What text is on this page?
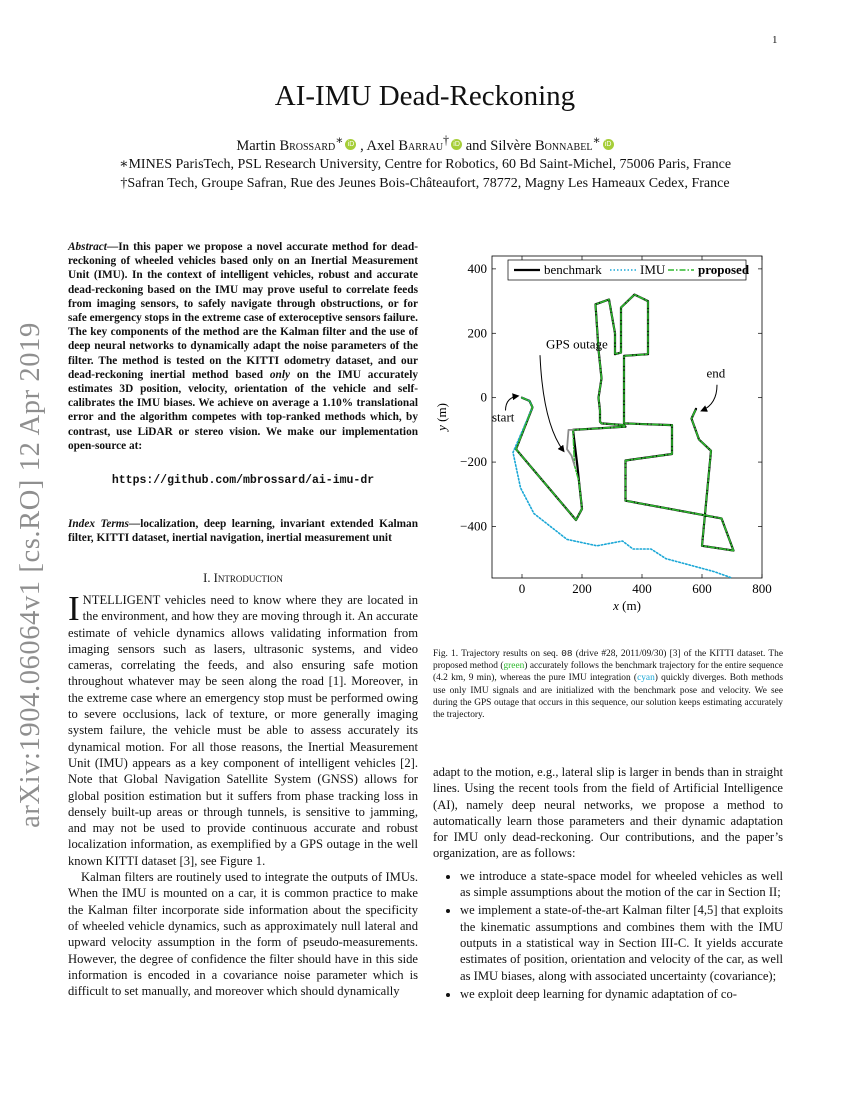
1
AI-IMU Dead-Reckoning
Martin Brossard∗ iD , Axel Barrau† iD and Silvère Bonnabel∗ iD
∗MINES ParisTech, PSL Research University, Centre for Robotics, 60 Bd Saint-Michel, 75006 Paris, France
†Safran Tech, Groupe Safran, Rue des Jeunes Bois-Châteaufort, 78772, Magny Les Hameaux Cedex, France
arXiv:1904.06064v1 [cs.RO] 12 Apr 2019
Abstract—In this paper we propose a novel accurate method for dead-reckoning of wheeled vehicles based only on an Inertial Measurement Unit (IMU). In the context of intelligent vehicles, robust and accurate dead-reckoning based on the IMU may prove useful to correlate feeds from imaging sensors, to safely navigate through obstructions, or for safe emergency stops in the extreme case of exteroceptive sensors failure. The key components of the method are the Kalman filter and the use of deep neural networks to dynamically adapt the noise parameters of the filter. The method is tested on the KITTI odometry dataset, and our dead-reckoning inertial method based only on the IMU accurately estimates 3D position, velocity, orientation of the vehicle and self-calibrates the IMU biases. We achieve on average a 1.10% translational error and the algorithm competes with top-ranked methods which, by contrast, use LiDAR or stereo vision. We make our implementation open-source at:
https://github.com/mbrossard/ai-imu-dr
Index Terms—localization, deep learning, invariant extended Kalman filter, KITTI dataset, inertial navigation, inertial measurement unit
I. Introduction

INTELLIGENT vehicles need to know where they are located in the environment, and how they are moving through it. An accurate estimate of vehicle dynamics allows validating information from imaging sensors such as lasers, ultrasonic systems, and video cameras, correlating the feeds, and also ensuring safe motion throughout whatever may be seen along the road [1]. Moreover, in the extreme case where an emergency stop must be performed owing to severe occlusions, lack of texture, or more generally imaging system failure, the vehicle must be able to assess accurately its dynamical motion. For all those reasons, the Inertial Measurement Unit (IMU) appears as a key component of intelligent vehicles [2]. Note that Global Navigation Satellite System (GNSS) allows for global position estimation but it suffers from phase tracking loss in densely built-up areas or through tunnels, is sensitive to jamming, and may not be used to provide continuous accurate and robust localization information, as exemplified by a GPS outage in the well known KITTI dataset [3], see Figure 1.

Kalman filters are routinely used to integrate the outputs of IMUs. When the IMU is mounted on a car, it is common practice to make the Kalman filter incorporate side information about the specificity of wheeled vehicle dynamics, such as approximately null lateral and upward velocity assumption in the form of pseudo-measurements. However, the degree of confidence the filter should have in this side information is encoded in a covariance noise parameter which is difficult to set manually, and moreover which should dynamically

0	200	400	600	800
400
200
0
−200
−400
x (m)
y (m)
benchmark	IMU	proposed
GPS outage
start
end
Fig. 1. Trajectory results on seq. 08 (drive #28, 2011/09/30) [3] of the KITTI dataset. The proposed method (green) accurately follows the benchmark trajectory for the entire sequence (4.2 km, 9 min), whereas the pure IMU integration (cyan) quickly diverges. Both methods use only IMU signals and are initialized with the benchmark pose and velocity. We see during the GPS outage that occurs in this sequence, our solution keeps estimating accurately the trajectory.

adapt to the motion, e.g., lateral slip is larger in bends than in straight lines. Using the recent tools from the field of Artificial Intelligence (AI), namely deep neural networks, we propose a method to automatically learn those parameters and their dynamic adaptation for IMU only dead-reckoning. Our contributions, and the paper’s organization, are as follows:

• we introduce a state-space model for wheeled vehicles as well as simple assumptions about the motion of the car in Section II;
• we implement a state-of-the-art Kalman filter [4,5] that exploits the kinematic assumptions and combines them with the IMU outputs in a statistical way in Section III-C. It yields accurate estimates of position, orientation and velocity of the car, as well as IMU biases, along with associated uncertainty (covariance);
• we exploit deep learning for dynamic adaptation of co-
